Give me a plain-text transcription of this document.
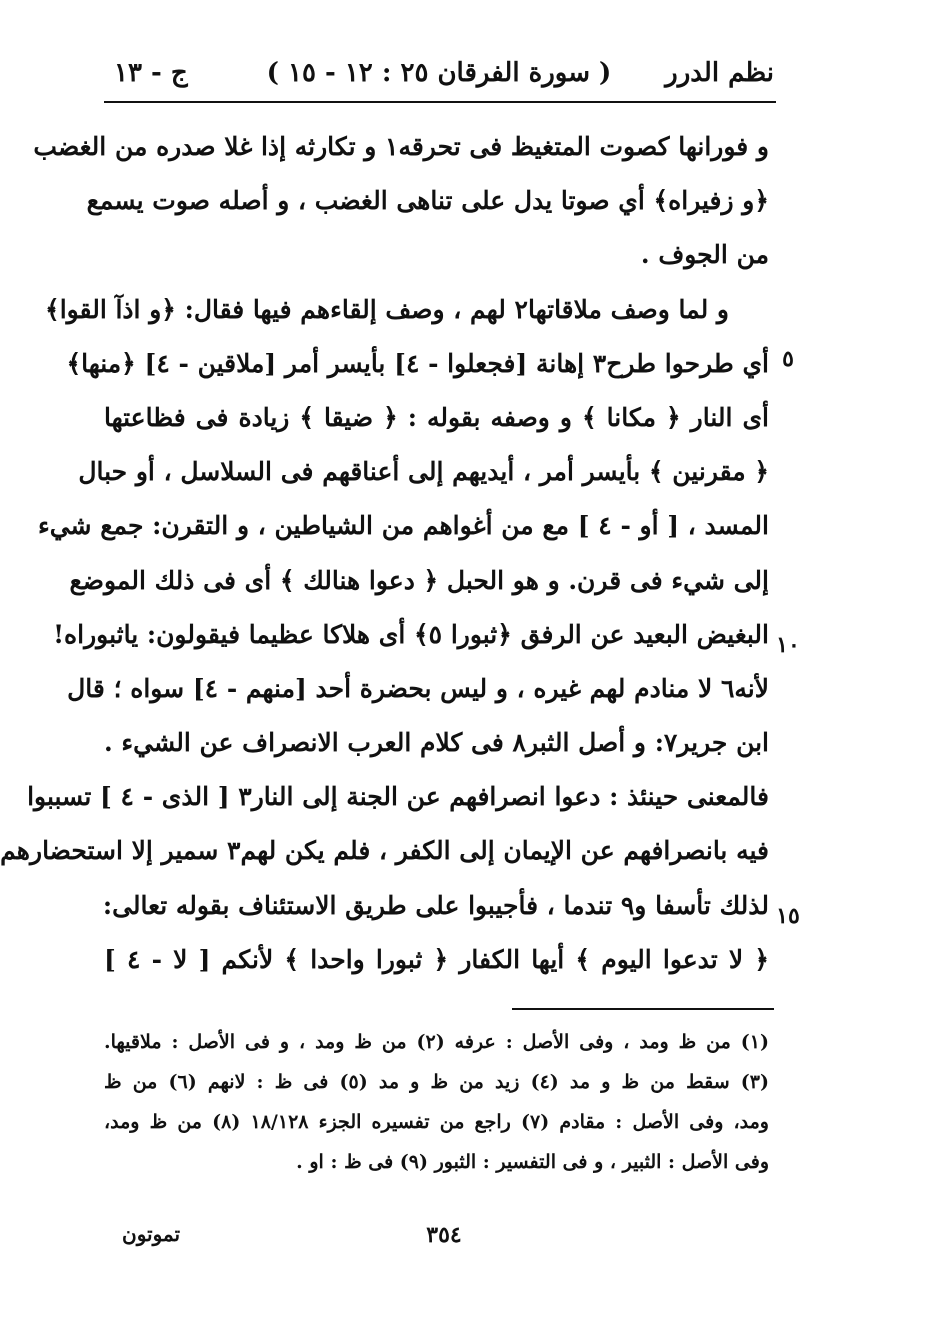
نظم الدرر
( سورة الفرقان ٢٥ : ١٢ - ١٥ )
ج - ١٣
و فورانها كصوت المتغيظ فى تحرقه١ و تكارثه إذا غلا صدره من الغضب
﴿و زفيراه﴾ أي صوتا يدل على تناهى الغضب ، و أصله صوت يسمع
من الجوف .
و لما وصف ملاقاتها٢ لهم ، وصف إلقاءهم فيها فقال: ﴿و اذآ القوا﴾
أي طرحوا طرح٣ إهانة [فجعلوا - ٤] بأيسر أمر [ملاقين - ٤] ﴿منها﴾
أى النار ﴿ مكانا ﴾ و وصفه بقوله : ﴿ ضيقا ﴾ زيادة فى فظاعتها
﴿ مقرنين ﴾ بأيسر أمر ، أيديهم إلى أعناقهم فى السلاسل ، أو حبال
المسد ، [ أو - ٤ ] مع من أغواهم من الشياطين ، و التقرن: جمع شيء
إلى شيء فى قرن. و هو الحبل ﴿ دعوا هنالك ﴾ أى فى ذلك الموضع
البغيض البعيد عن الرفق ﴿ثبورا ٥﴾ أى هلاكا عظيما فيقولون: ياثبوراه!
لأنه٦ لا منادم لهم غيره ، و ليس بحضرة أحد [منهم - ٤] سواه ؛ قال
ابن جرير٧: و أصل الثبر٨ فى كلام العرب الانصراف عن الشيء .
فالمعنى حينئذ : دعوا انصرافهم عن الجنة إلى النار٣ [ الذى - ٤ ] تسببوا
فيه بانصرافهم عن الإيمان إلى الكفر ، فلم يكن لهم٣ سمير إلا استحضارهم
لذلك تأسفا و٩ تندما ، فأجيبوا على طريق الاستئناف بقوله تعالى:
﴿ لا تدعوا اليوم ﴾ أيها الكفار ﴿ ثبورا واحدا ﴾ لأنكم [ لا - ٤ ]
٥
١٠
١٥
(١) من ظ ومد ، وفى الأصل : عرفه (٢) من ظ ومد ، و فى الأصل : ملاقيها.
(٣) سقط من ظ و مد (٤) زيد من ظ و مد (٥) فى ظ : لانهم (٦) من ظ
ومد، وفى الأصل : مقادم (٧) راجع من تفسيره الجزء ١٨/١٢٨ (٨) من ظ ومد،
وفى الأصل : الثبير ، و فى التفسير : الثبور (٩) فى ظ : او .
٣٥٤
تموتون
